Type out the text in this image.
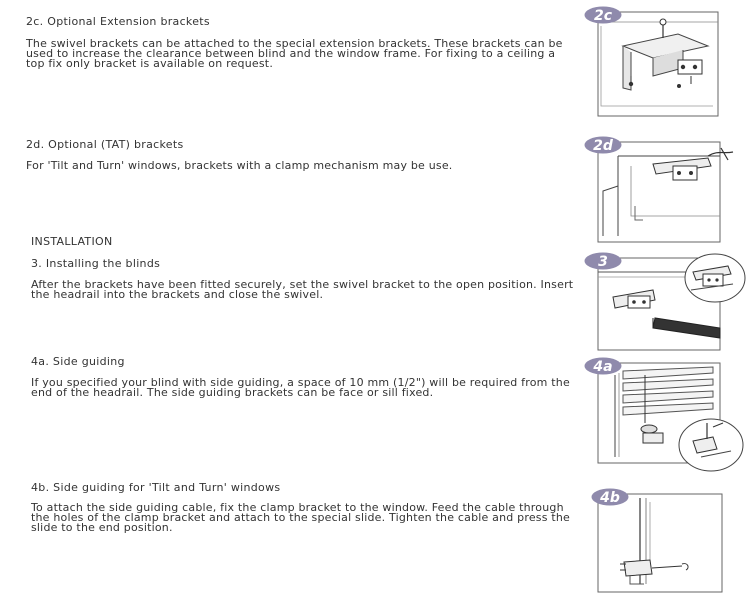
2c. Optional Extension brackets
The swivel brackets can be attached to the special extension brackets. These brackets can be used to increase the clearance between blind and the window frame. For fixing to a ceiling a top fix only bracket is available on request.
2c
2d. Optional (TAT) brackets
For 'Tilt and Turn' windows, brackets with a clamp mechanism may be use.
2d
INSTALLATION
3. Installing the blinds
After the brackets have been fitted securely, set the swivel bracket to the open position. Insert the headrail into the brackets and close the swivel.
3
4a. Side guiding
If you specified your blind with side guiding, a space of 10 mm (1/2") will be required from the end of the headrail. The side guiding brackets can be face or sill fixed.
4a
4b. Side guiding for 'Tilt and Turn' windows
To attach the side guiding cable, fix the clamp bracket to the window. Feed the cable through the holes of the clamp bracket and attach to the special slide. Tighten the cable and press the slide to the end position.
4b
